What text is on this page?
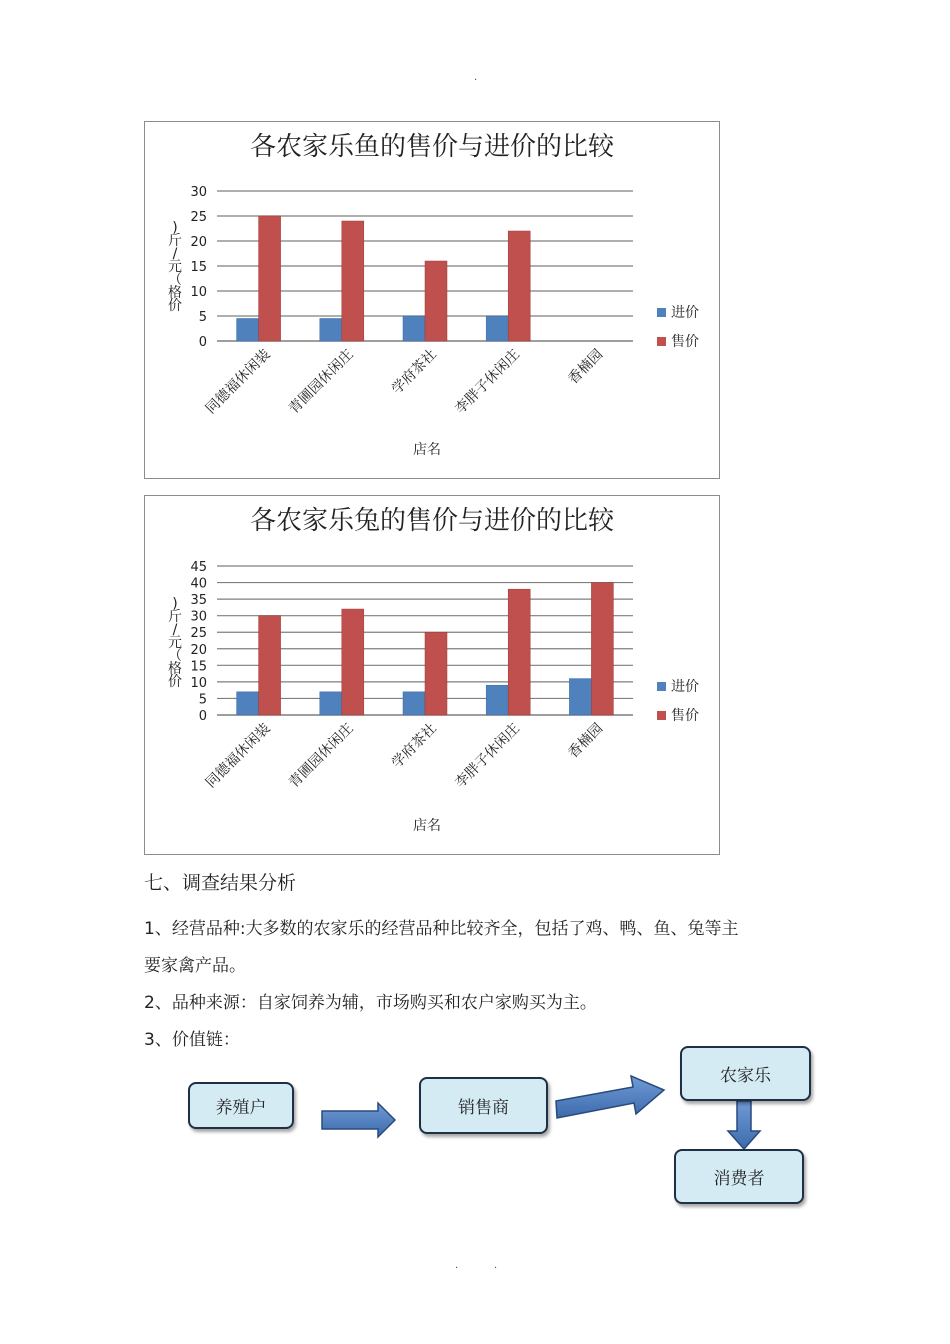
.
各农家乐鱼的售价与进价的比较
0
5
10
15
20
25
30
同德福休闲装 青圃园休闲庄 学府茶社 李胖子休闲庄	香楠园
店名
)
斤
/
元
（
格
价	进价
售价
各农家乐兔的售价与进价的比较
0
5
10
15
20
25
30
35
40
45
同德福休闲装 青圃园休闲庄 学府茶社 李胖子休闲庄	香楠园
店名
)
斤
/
元
（
格
价	进价
售价
七、调查结果分析
1、经营品种:大多数的农家乐的经营品种比较齐全，包括了鸡、鸭、鱼、兔等主
要家禽产品。
2、品种来源：自家饲养为辅，市场购买和农户家购买为主。
3、价值链：
养殖户	销售商
农家乐
消费者
.	.
